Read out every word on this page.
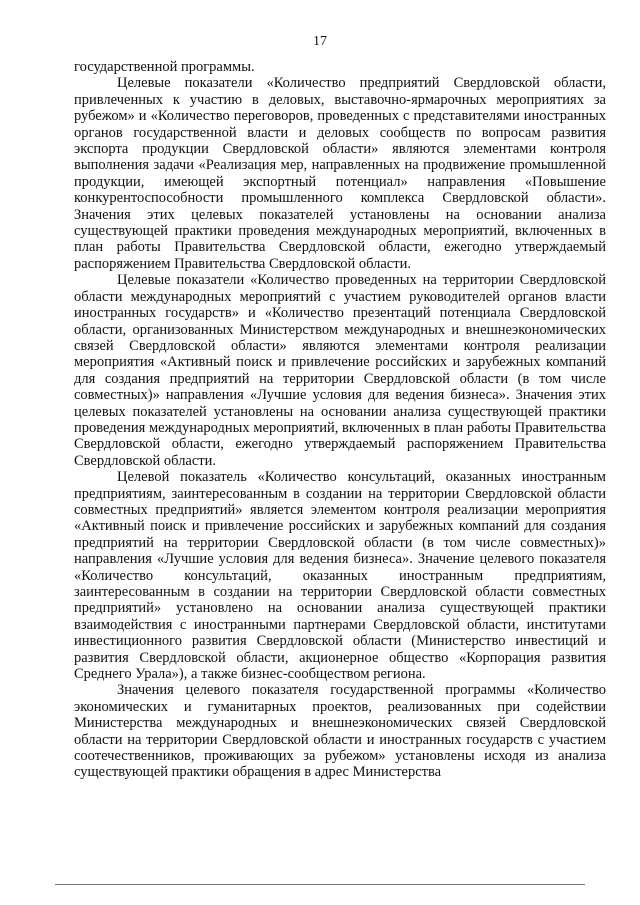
17

государственной программы.

Целевые показатели «Количество предприятий Свердловской области, привлеченных к участию в деловых, выставочно-ярмарочных мероприятиях за рубежом» и «Количество переговоров, проведенных с представителями иностранных органов государственной власти и деловых сообществ по вопросам развития экспорта продукции Свердловской области» являются элементами контроля выполнения задачи «Реализация мер, направленных на продвижение промышленной продукции, имеющей экспортный потенциал» направления «Повышение конкурентоспособности промышленного комплекса Свердловской области». Значения этих целевых показателей установлены на основании анализа существующей практики проведения международных мероприятий, включенных в план работы Правительства Свердловской области, ежегодно утверждаемый распоряжением Правительства Свердловской области.

Целевые показатели «Количество проведенных на территории Свердловской области международных мероприятий с участием руководителей органов власти иностранных государств» и «Количество презентаций потенциала Свердловской области, организованных Министерством международных и внешнеэкономических связей Свердловской области» являются элементами контроля реализации мероприятия «Активный поиск и привлечение российских и зарубежных компаний для создания предприятий на территории Свердловской области (в том числе совместных)» направления «Лучшие условия для ведения бизнеса». Значения этих целевых показателей установлены на основании анализа существующей практики проведения международных мероприятий, включенных в план работы Правительства Свердловской области, ежегодно утверждаемый распоряжением Правительства Свердловской области.

Целевой показатель «Количество консультаций, оказанных иностранным предприятиям, заинтересованным в создании на территории Свердловской области совместных предприятий» является элементом контроля реализации мероприятия «Активный поиск и привлечение российских и зарубежных компаний для создания предприятий на территории Свердловской области (в том числе совместных)» направления «Лучшие условия для ведения бизнеса». Значение целевого показателя «Количество консультаций, оказанных иностранным предприятиям, заинтересованным в создании на территории Свердловской области совместных предприятий» установлено на основании анализа существующей практики взаимодействия с иностранными партнерами Свердловской области, институтами инвестиционного развития Свердловской области (Министерство инвестиций и развития Свердловской области, акционерное общество «Корпорация развития Среднего Урала»), а также бизнес-сообществом региона.

Значения целевого показателя государственной программы «Количество экономических и гуманитарных проектов, реализованных при содействии Министерства международных и внешнеэкономических связей Свердловской области на территории Свердловской области и иностранных государств с участием соотечественников, проживающих за рубежом» установлены исходя из анализа существующей практики обращения в адрес Министерства
